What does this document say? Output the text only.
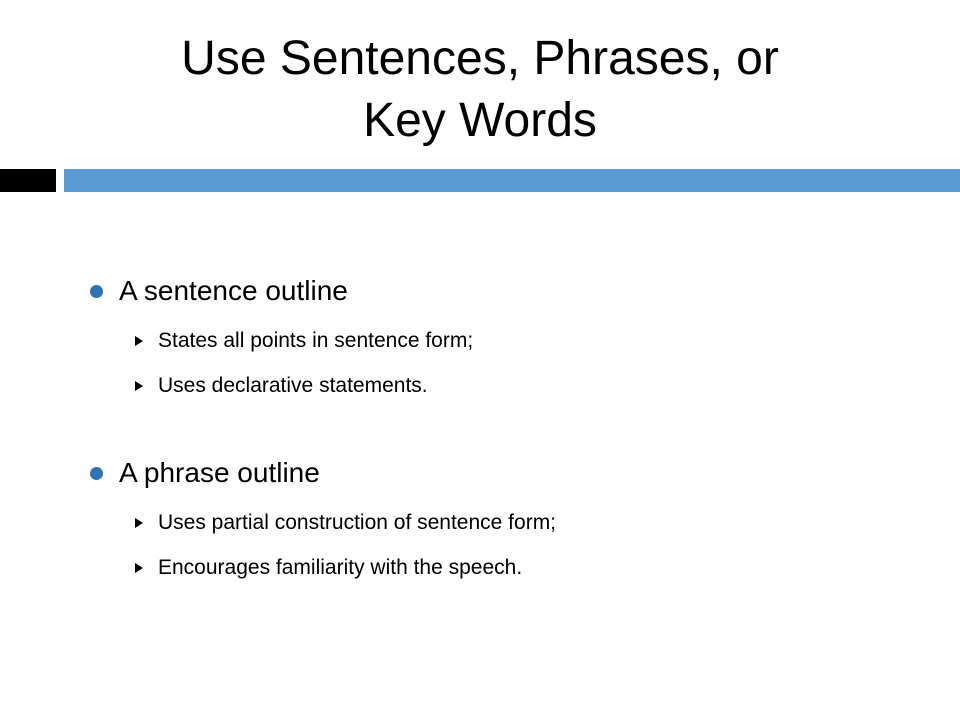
Use Sentences, Phrases, or
Key Words
A sentence outline
States all points in sentence form;
Uses declarative statements.
A phrase outline
Uses partial construction of sentence form;
Encourages familiarity with the speech.
